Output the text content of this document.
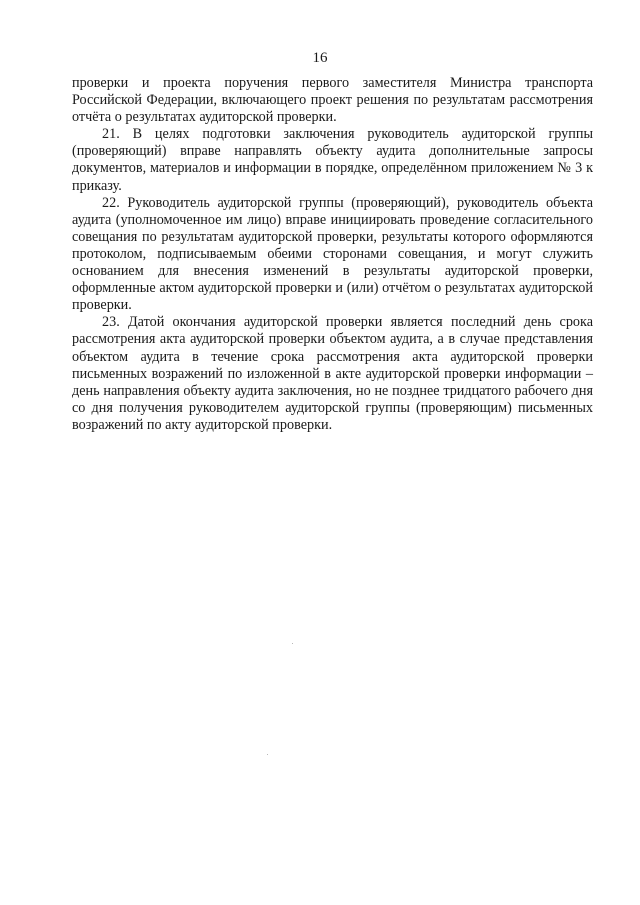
16

проверки и проекта поручения первого заместителя Министра транспорта Российской Федерации, включающего проект решения по результатам рассмотрения отчёта о результатах аудиторской проверки.

21. В целях подготовки заключения руководитель аудиторской группы (проверяющий) вправе направлять объекту аудита дополнительные запросы документов, материалов и информации в порядке, определённом приложением № 3 к приказу.

22. Руководитель аудиторской группы (проверяющий), руководитель объекта аудита (уполномоченное им лицо) вправе инициировать проведение согласительного совещания по результатам аудиторской проверки, результаты которого оформляются протоколом, подписываемым обеими сторонами совещания, и могут служить основанием для внесения изменений в результаты аудиторской проверки, оформленные актом аудиторской проверки и (или) отчётом о результатах аудиторской проверки.

23. Датой окончания аудиторской проверки является последний день срока рассмотрения акта аудиторской проверки объектом аудита, а в случае представления объектом аудита в течение срока рассмотрения акта аудиторской проверки письменных возражений по изложенной в акте аудиторской проверки информации – день направления объекту аудита заключения, но не позднее тридцатого рабочего дня со дня получения руководителем аудиторской группы (проверяющим) письменных возражений по акту аудиторской проверки.
